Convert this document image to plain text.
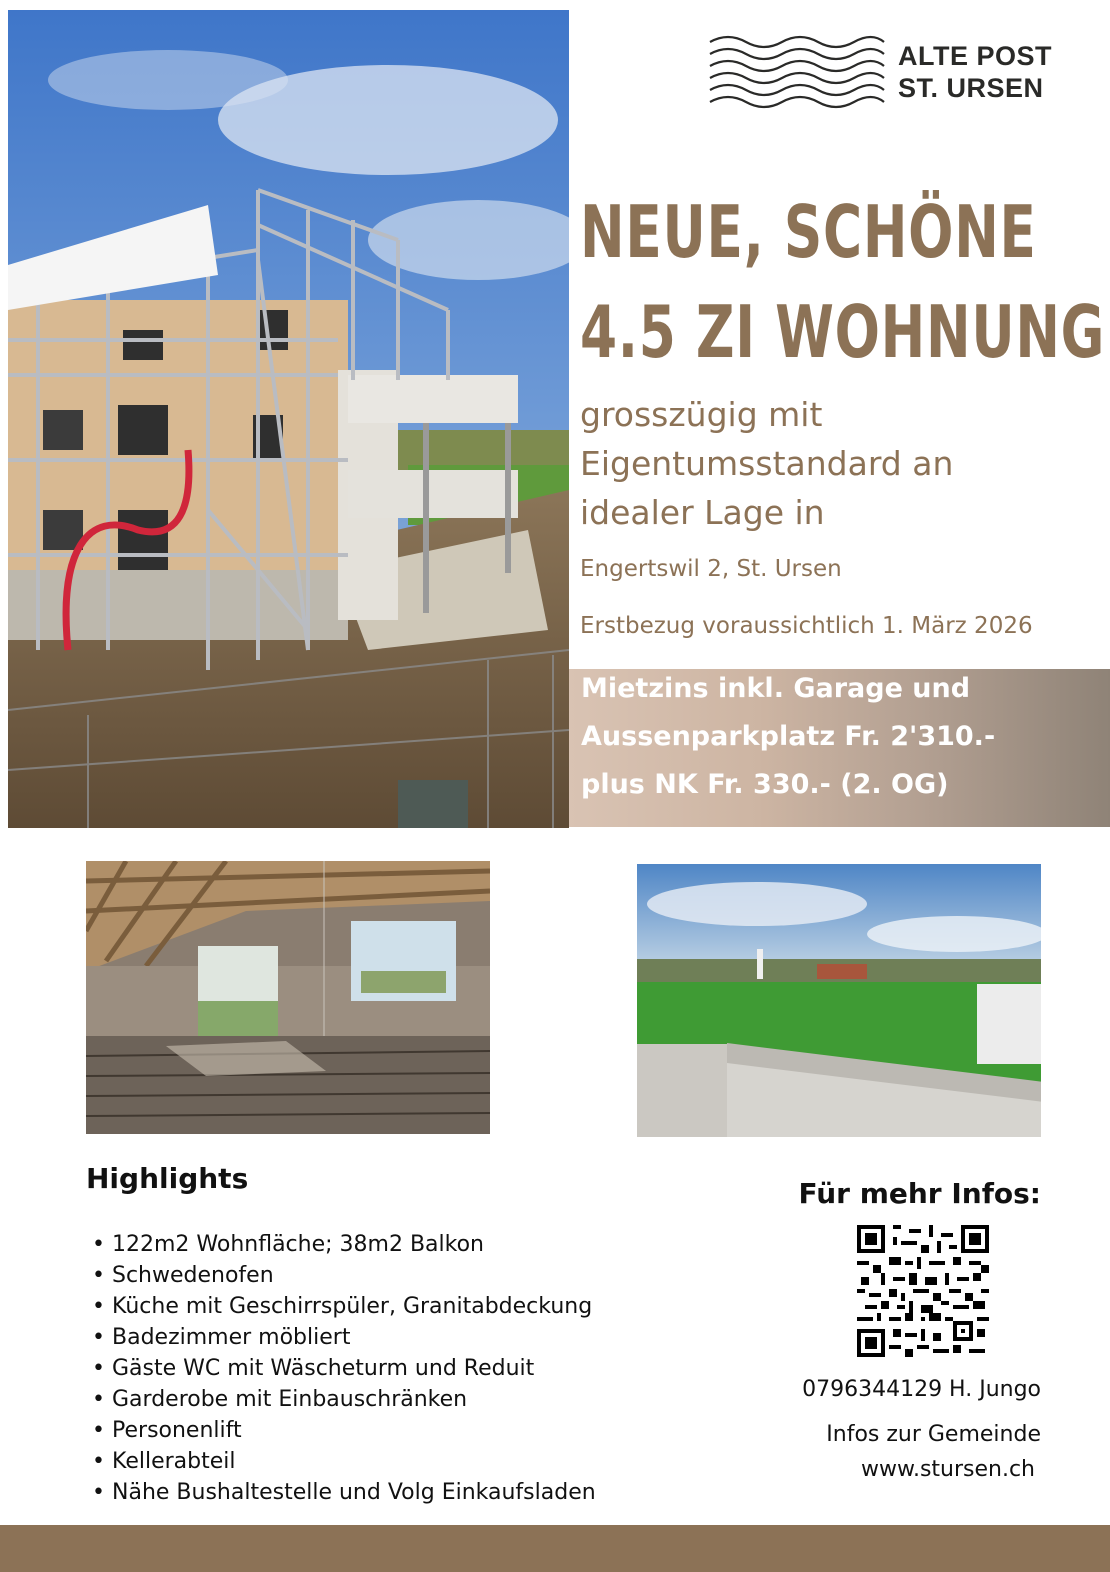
ALTE POST
ST. URSEN
NEUE, SCHÖNE
4.5 ZI WOHNUNG
grosszügig mit
Eigentumsstandard an
idealer Lage in
Engertswil 2, St. Ursen
Erstbezug voraussichtlich 1. März 2026
Mietzins inkl. Garage und
Aussenparkplatz Fr. 2'310.-
plus NK Fr. 330.- (2. OG)
Highlights
• 122m2 Wohnfläche; 38m2 Balkon
• Schwedenofen
• Küche mit Geschirrspüler, Granitabdeckung
• Badezimmer möbliert
• Gäste WC mit Wäscheturm und Reduit
• Garderobe mit Einbauschränken
• Personenlift
• Kellerabteil
• Nähe Bushaltestelle und Volg Einkaufsladen
Für mehr Infos:
0796344129 H. Jungo
Infos zur Gemeinde
www.stursen.ch
